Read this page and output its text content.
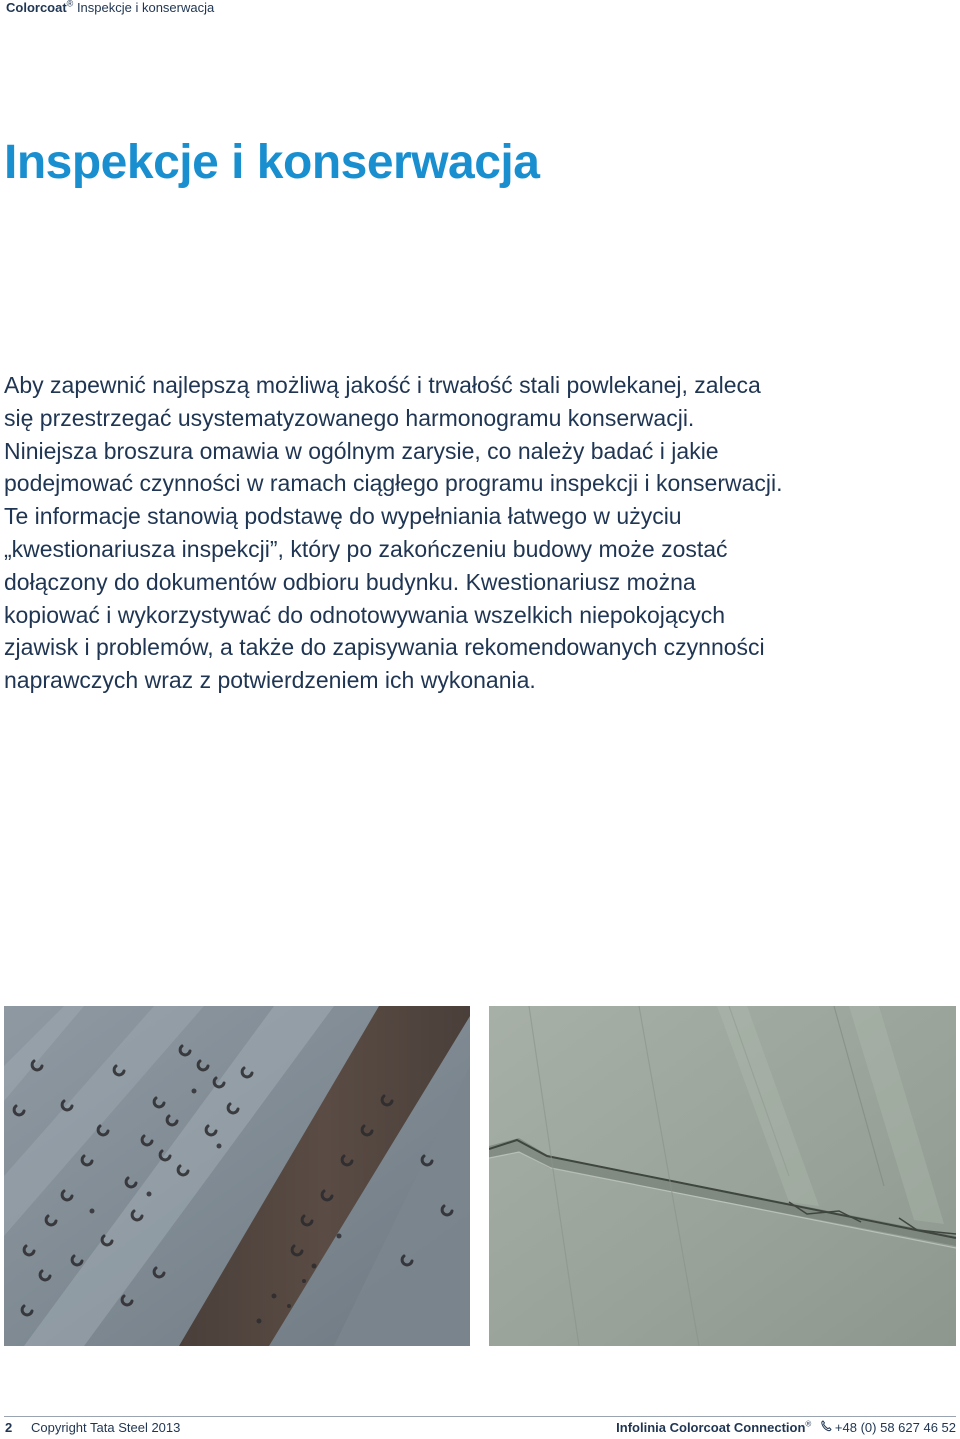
Colorcoat® Inspekcje i konserwacja
Inspekcje i konserwacja
Aby zapewnić najlepszą możliwą jakość i trwałość stali powlekanej, zaleca
się przestrzegać usystematyzowanego harmonogramu konserwacji.
Niniejsza broszura omawia w ogólnym zarysie, co należy badać i jakie
podejmować czynności w ramach ciągłego programu inspekcji i konserwacji.
Te informacje stanowią podstawę do wypełniania łatwego w użyciu
„kwestionariusza inspekcji”, który po zakończeniu budowy może zostać
dołączony do dokumentów odbioru budynku. Kwestionariusz można
kopiować i wykorzystywać do odnotowywania wszelkich niepokojących
zjawisk i problemów, a także do zapisywania rekomendowanych czynności
naprawczych wraz z potwierdzeniem ich wykonania.
2 Copyright Tata Steel 2013	Infolinia Colorcoat Connection® +48 (0) 58 627 46 52
